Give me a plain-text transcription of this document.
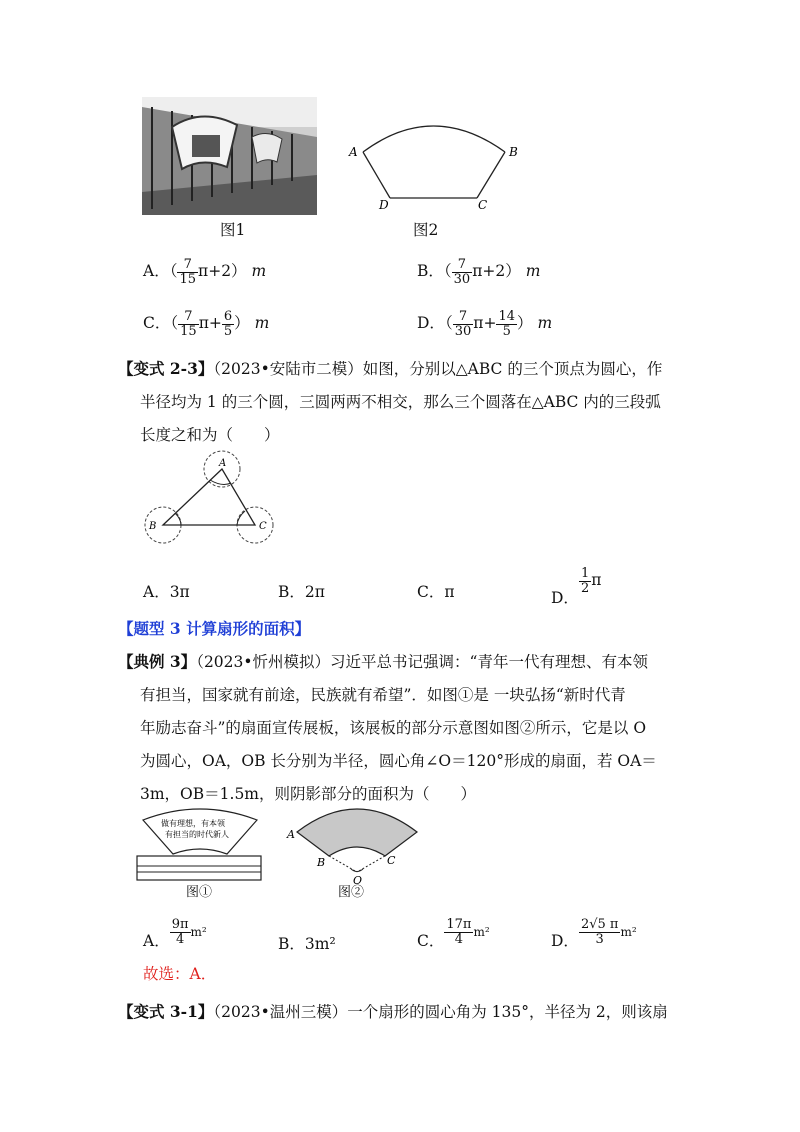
图1
A	B
C
D
图2
A．（ $\frac{7}{15} \pi+2$） m	B．（ $\frac{7}{30} \pi+2$） m
C．（ $\frac{7}{15} \pi+ \frac{6}{5}$ ） m	D．（ $\frac{7}{30} \pi+ \frac{14}{5}$ ） m
【变式 2-3】（2023•安陆市二模）如图，分别以△ABC 的三个顶点为圆心，作
半径均为 1 的三个圆，三圆两两不相交，那么三个圆落在△ABC 内的三段弧
长度之和为（　　）
A
B	C
A．3π	B．2π	C．π	D．
$\frac{1}{2}$ π
【题型 3 计算扇形的面积】
【典例 3】（2023•忻州模拟）习近平总书记强调：“青年一代有理想、有本领
有担当，国家就有前途，民族就有希望”．如图①是 一块弘扬“新时代青
年励志奋斗”的扇面宣传展板，该展板的部分示意图如图②所示，它是以 O
为圆心，OA，OB 长分别为半径，圆心角∠O＝120°形成的扇面，若 OA＝
3m，OB＝1.5m，则阴影部分的面积为（　　）
做有理想，有本领
有担当的时代新人
图①
A
B	C
O
图②
A． $\frac{9\pi}{4} m^2$
B．3m²	C． $\frac{17\pi}{4} m^2$	D． $\frac{2√5 \pi}{3} m^2$
故选：A．
【变式 3-1】（2023•温州三模）一个扇形的圆心角为 135°，半径为 2，则该扇
